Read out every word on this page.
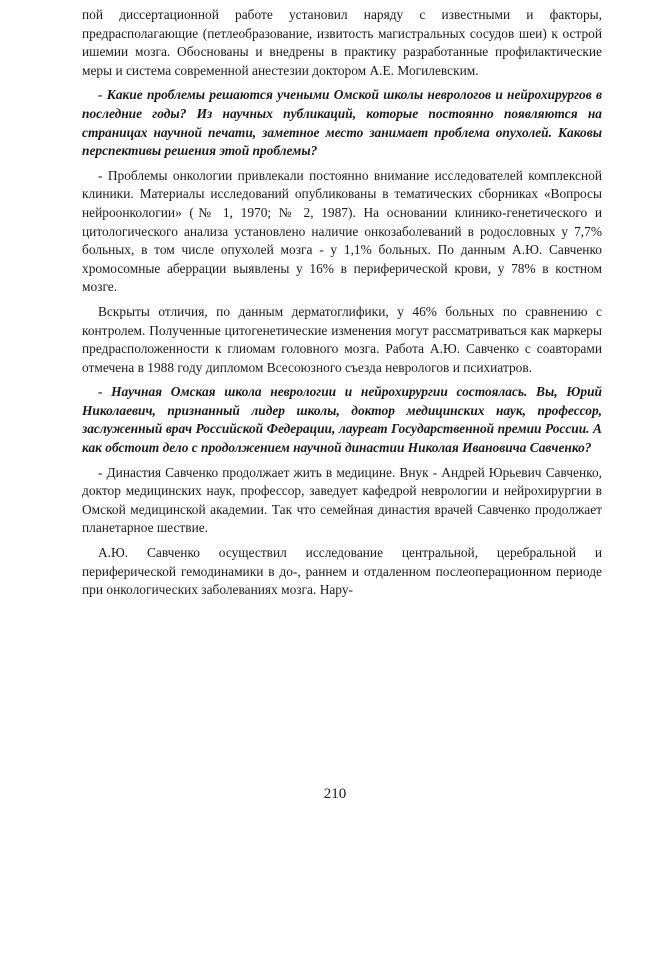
пой диссертационной работе установил наряду с известными и факторы, предрасполагающие (петлеобразование, извитость магистральных сосудов шеи) к острой ишемии мозга. Обоснованы и внедрены в практику разработанные профилактические меры и система современной анестезии доктором А.Е. Могилевским.

- Какие проблемы решаются учеными Омской школы неврологов и нейрохирургов в последние годы? Из научных публикаций, которые постоянно появляются на страницах научной печати, заметное место занимает проблема опухолей. Каковы перспективы решения этой проблемы?

- Проблемы онкологии привлекали постоянно внимание исследователей комплексной клиники. Материалы исследований опубликованы в тематических сборниках «Вопросы нейроонкологии» (№ 1, 1970; № 2, 1987). На основании клинико-генетического и цитологического анализа установлено наличие онкозаболеваний в родословных у 7,7% больных, в том числе опухолей мозга - у 1,1% больных. По данным А.Ю. Савченко хромосомные аберрации выявлены у 16% в периферической крови, у 78% в костном мозге.

Вскрыты отличия, по данным дерматоглифики, у 46% больных по сравнению с контролем. Полученные цитогенетические изменения могут рассматриваться как маркеры предрасположенности к глиомам головного мозга. Работа А.Ю. Савченко с соавторами отмечена в 1988 году дипломом Всесоюзного съезда неврологов и психиатров.

- Научная Омская школа неврологии и нейрохирургии состоялась. Вы, Юрий Николаевич, признанный лидер школы, доктор медицинских наук, профессор, заслуженный врач Российской Федерации, лауреат Государственной премии России. А как обстоит дело с продолжением научной династии Николая Ивановича Савченко?

- Династия Савченко продолжает жить в медицине. Внук - Андрей Юрьевич Савченко, доктор медицинских наук, профессор, заведует кафедрой неврологии и нейрохирургии в Омской медицинской академии. Так что семейная династия врачей Савченко продолжает планетарное шествие.

А.Ю. Савченко осуществил исследование центральной, церебральной и периферической гемодинамики в до-, раннем и отдаленном послеоперационном периоде при онкологических заболеваниях мозга. Нару-

210
